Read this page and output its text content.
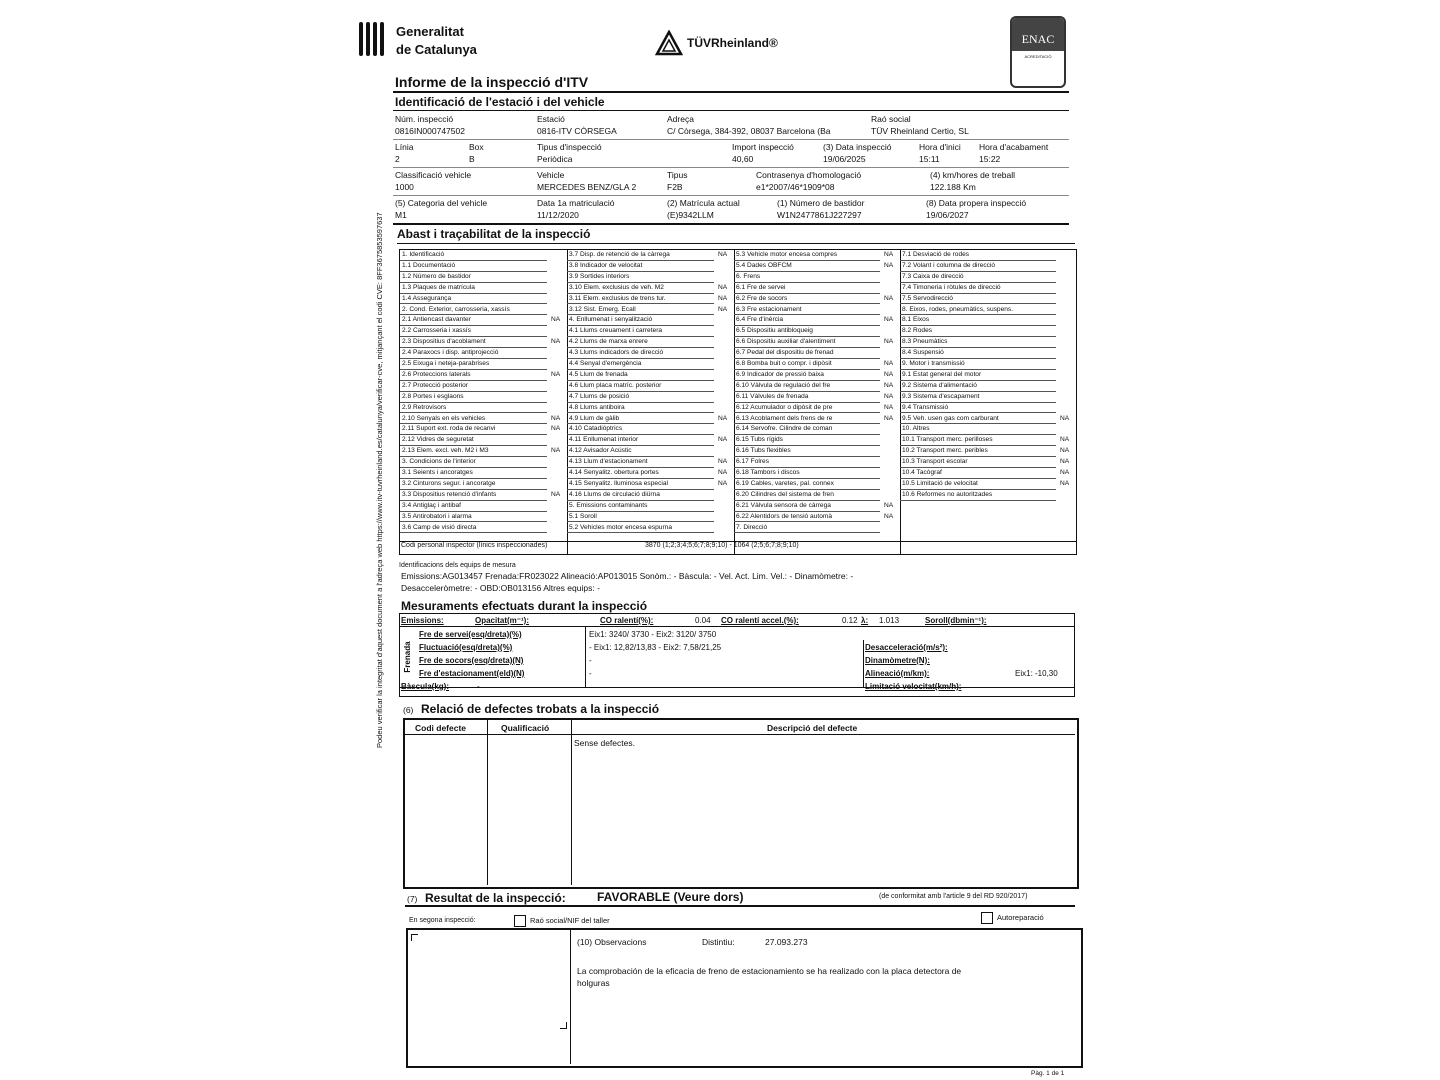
Generalitat
de Catalunya	TÜVRheinland®	ENAC
ACREDITACIÓ
Podeu verificar la integritat d'aquest document a l'adreça web https://www.itv-tuvrheinland.es/catalunya/verificar-cve, mitjançant el codi CVE: 8FF3675853597637
Informe de la inspecció d'ITV
Identificació de l'estació i del vehicle
Núm. inspecció
0816IN000747502
Estació
0816-ITV CÒRSEGA
Adreça
C/ Còrsega, 384-392, 08037 Barcelona (Ba
Raó social
TÜV Rheinland Certio, SL
Línia
2
Box
B
Tipus d'inspecció
Periòdica
Import inspecció
40,60
(3) Data inspecció
19/06/2025
Hora d'inici
15:11
Hora d'acabament
15:22
Classificació vehicle
1000
Vehicle
MERCEDES BENZ/GLA 2
Tipus
F2B
Contrasenya d'homologació
e1*2007/46*1909*08
(4) km/hores de treball
122.188 Km
(5) Categoria del vehicle
M1
Data 1a matriculació
11/12/2020
(2) Matrícula actual
(E)9342LLM
(1) Número de bastidor
W1N2477861J227297
(8) Data propera inspecció
19/06/2027
Abast i traçabilitat de la inspecció
1. Identificació
1.1 Documentació
1.2 Número de bastidor
1.3 Plaques de matrícula
1.4 Assegurança
2. Cond. Exterior, carrosseria, xassís
2.1 Antiencast davanter	NA
2.2 Carrosseria i xassís
2.3 Dispositius d'acoblament	NA
2.4 Paraxocs i disp. antiprojecció
2.5 Eixuga i neteja-parabrises
2.6 Proteccions laterals	NA
2.7 Protecció posterior
2.8 Portes i esglaons
2.9 Retrovisors
2.10 Senyals en els vehicles	NA
2.11 Suport ext. roda de recanvi	NA
2.12 Vidres de seguretat
2.13 Elem. excl. veh. M2 i M3	NA
3. Condicions de l'interior
3.1 Seients i ancoratges
3.2 Cinturons segur. i ancoratge
3.3 Dispositius retenció d'infants	NA
3.4 Antiglaç i antibaf
3.5 Antirobatori i alarma
3.6 Camp de visió directa
3.7 Disp. de retenció de la càrrega	NA
3.8 Indicador de velocitat
3.9 Sortides interiors
3.10 Elem. exclusius de veh. M2	NA
3.11 Elem. exclusius de trens tur.	NA
3.12 Sist. Emerg. Ecall	NA
4. Enllumenat i senyalització
4.1 Llums creuament i carretera
4.2 Llums de marxa enrere
4.3 Llums indicadors de direcció
4.4 Senyal d'emergència
4.5 Llum de frenada
4.6 Llum placa matríc. posterior
4.7 Llums de posició
4.8 Llums antiboira
4.9 Llum de gàlib	NA
4.10 Catadiòptrics
4.11 Enllumenat interior	NA
4.12 Avisador Acústic
4.13 Llum d'estacionament	NA
4.14 Senyalitz. obertura portes	NA
4.15 Senyalitz. lluminosa especial	NA
4.16 Llums de circulació diürna
5. Emissions contaminants
5.1 Soroll
5.2 Vehicles motor encesa espurna
5.3 Vehicle motor encesa compres	NA
5.4 Dades OBFCM	NA
6. Frens
6.1 Fre de servei
6.2 Fre de socors	NA
6.3 Fre estacionament
6.4 Fre d'inèrcia	NA
6.5 Dispositiu antibloqueig
6.6 Dispositiu auxiliar d'alentiment	NA
6.7 Pedal del dispositiu de frenad
6.8 Bomba buit o compr. i dipòsit	NA
6.9 Indicador de pressió baixa	NA
6.10 Vàlvula de regulació del fre	NA
6.11 Vàlvules de frenada	NA
6.12 Acumulador o dipòsit de pre	NA
6.13 Acoblament dels frens de re	NA
6.14 Servofre. Cilindre de coman
6.15 Tubs rígids
6.16 Tubs flexibles
6.17 Folres
6.18 Tambors i discos
6.19 Cables, varetes, pal. connex
6.20 Cilindres del sistema de fren
6.21 Vàlvula sensora de càrrega	NA
6.22 Alentidors de tensió automà	NA
7. Direcció
7.1 Desviació de rodes
7.2 Volant i columna de direcció
7.3 Caixa de direcció
7.4 Timoneria i ròtules de direcció
7.5 Servodirecció
8. Eixos, rodes, pneumàtics, suspens.
8.1 Eixos
8.2 Rodes
8.3 Pneumàtics
8.4 Suspensió
9. Motor i transmissió
9.1 Estat general del motor
9.2 Sistema d'alimentació
9.3 Sistema d'escapament
9.4 Transmissió
9.5 Veh. usen gas com carburant	NA
10. Altres
10.1 Transport merc. perilloses	NA
10.2 Transport merc. peribles	NA
10.3 Transport escolar	NA
10.4 Tacògraf	NA
10.5 Limitació de velocitat	NA
10.6 Reformes no autoritzades
Codi personal inspector (línics inspeccionades)	3870 (1;2;3;4;5;6;7;8;9;10) - 1064 (2;5;6;7;8;9;10)
Identificacions dels equips de mesura
Emissions:AG013457 Frenada:FR023022 Alineació:AP013015 Sonòm.: - Bàscula: - Vel. Act. Lim. Vel.: - Dinamòmetre: -
Desacceleròmetre: - OBD:OB013156 Altres equips: -
Mesuraments efectuats durant la inspecció
Emissions:	Opacitat(m⁻¹):	CO ralentí(%):	0.04 CO ralentí accel.(%):	0.12 λ: 1.013	Soroll(dbmin⁻¹):
Frenada
Fre de servei(esq/dreta)(%)	Eix1: 3240/ 3730 - Eix2: 3120/ 3750
Fluctuació(esq/dreta)(%)	- Eix1: 12,82/13,83 - Eix2: 7,58/21,25
Fre de socors(esq/dreta)(N)	-
Fre d'estacionament(eld)(N)	-
Bàscula(kg):	-
Desacceleració(m/s²):
Dinamòmetre(N):
Alineació(m/km):	Eix1: -10,30
Limitació velocitat(km/h):
(6) Relació de defectes trobats a la inspecció
Codi defecte	Qualificació	Descripció del defecte
Sense defectes.
(7) Resultat de la inspecció:	FAVORABLE (Veure dors)	(de conformitat amb l'article 9 del RD 920/2017)
En segona inspecció:	Raó social/NIF del taller	Autoreparació
(10) Observacions	Distintiu:	27.093.273
La comprobación de la eficacia de freno de estacionamiento se ha realizado con la placa detectora de
holguras
Pàg. 1 de 1
